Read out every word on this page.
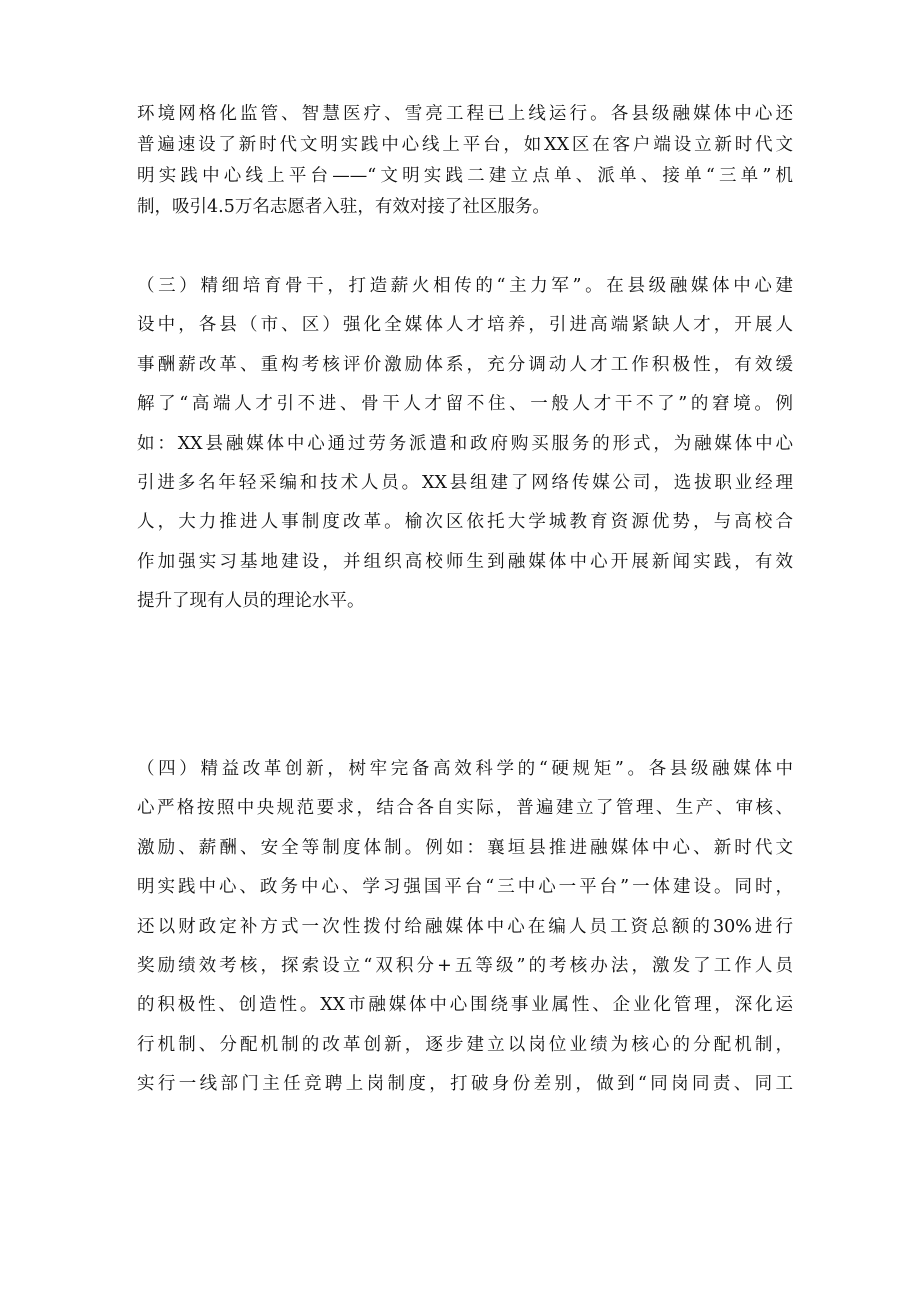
环境网格化监管、智慧医疗、雪亮工程已上线运行。各县级融媒体中心还
普遍速设了新时代文明实践中心线上平台，如XX区在客户端设立新时代文
明实践中心线上平台——“文明实践二建立点单、派单、接单“三单”机
制，吸引4.5万名志愿者入驻，有效对接了社区服务。
（三）精细培育骨干，打造薪火相传的“主力军”。在县级融媒体中心建
设中，各县（市、区）强化全媒体人才培养，引进高端紧缺人才，开展人
事酬薪改革、重构考核评价激励体系，充分调动人才工作积极性，有效缓
解了“高端人才引不进、骨干人才留不住、一般人才干不了”的窘境。例
如：XX县融媒体中心通过劳务派遣和政府购买服务的形式，为融媒体中心
引进多名年轻采编和技术人员。XX县组建了网络传媒公司，选拔职业经理
人，大力推进人事制度改革。榆次区依托大学城教育资源优势，与高校合
作加强实习基地建设，并组织高校师生到融媒体中心开展新闻实践，有效
提升了现有人员的理论水平。
（四）精益改革创新，树牢完备高效科学的“硬规矩”。各县级融媒体中
心严格按照中央规范要求，结合各自实际，普遍建立了管理、生产、审核、
激励、薪酬、安全等制度体制。例如：襄垣县推进融媒体中心、新时代文
明实践中心、政务中心、学习强国平台“三中心一平台”一体建设。同时，
还以财政定补方式一次性拨付给融媒体中心在编人员工资总额的30%进行
奖励绩效考核，探索设立“双积分+五等级”的考核办法，激发了工作人员
的积极性、创造性。XX市融媒体中心围绕事业属性、企业化管理，深化运
行机制、分配机制的改革创新，逐步建立以岗位业绩为核心的分配机制，
实行一线部门主任竞聘上岗制度，打破身份差别，做到“同岗同责、同工
